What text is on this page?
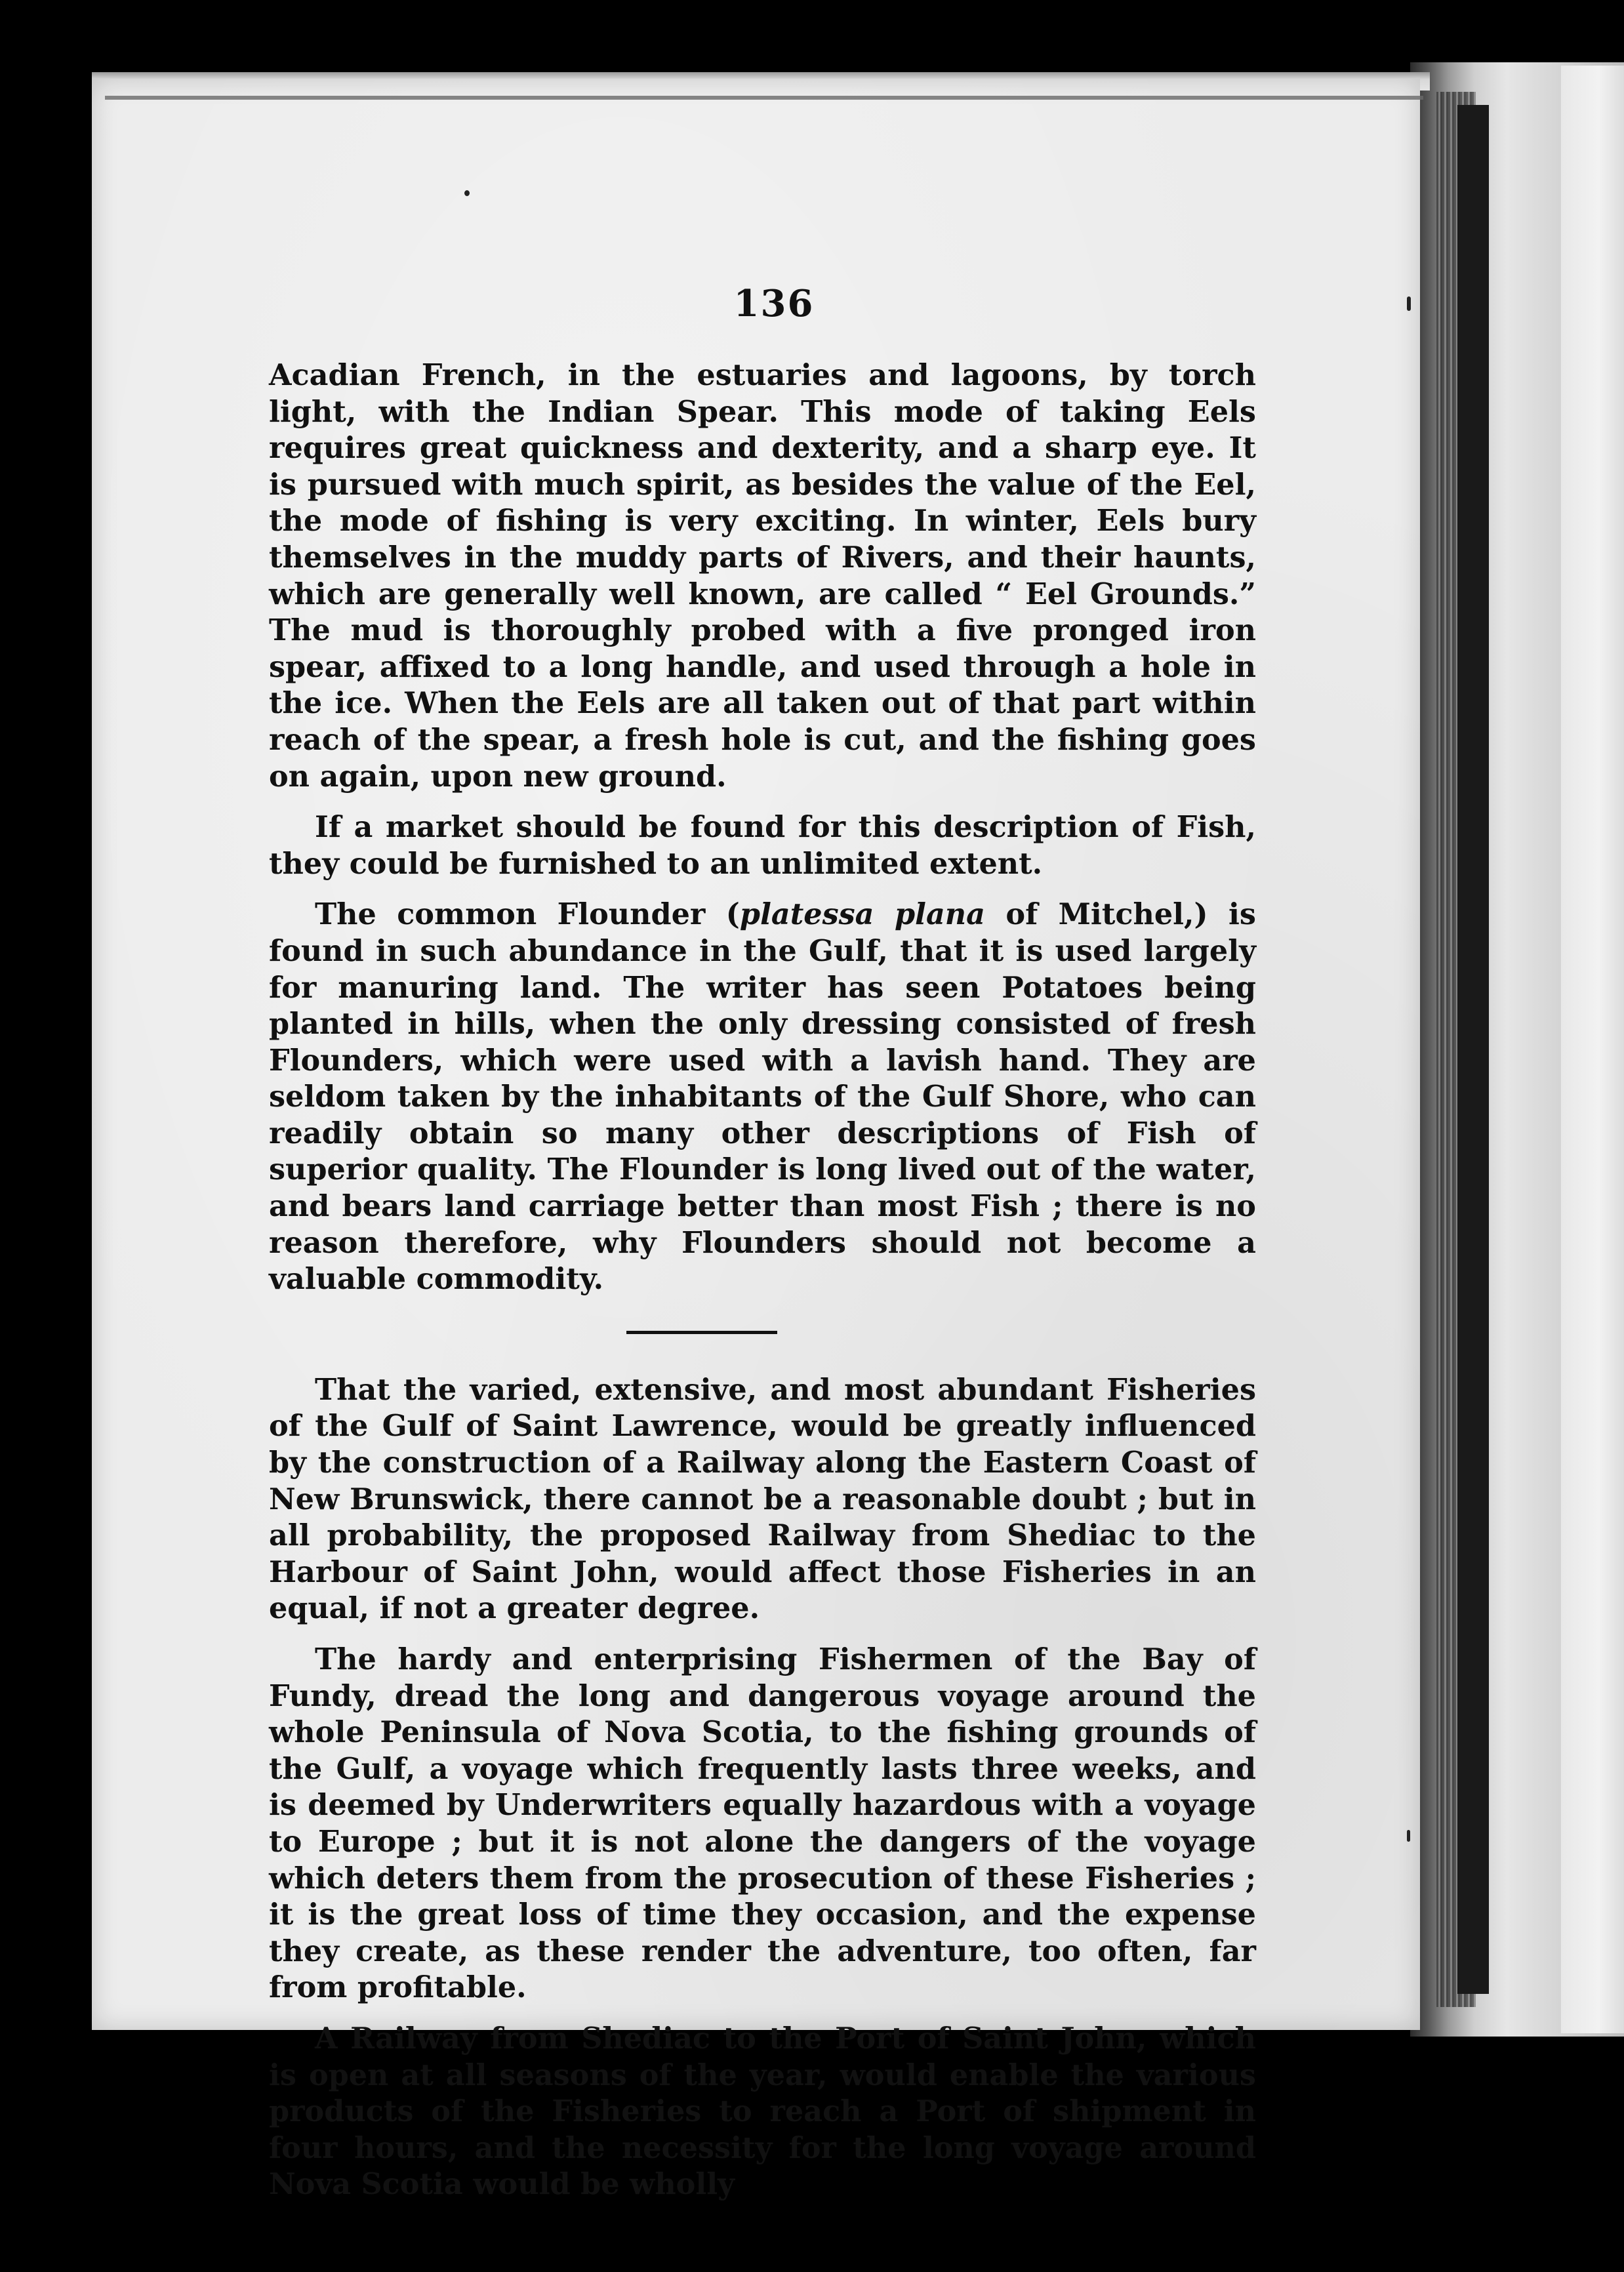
136

Acadian French, in the estuaries and lagoons, by torch light, with the Indian Spear. This mode of taking Eels requires great quickness and dexterity, and a sharp eye. It is pursued with much spirit, as besides the value of the Eel, the mode of fishing is very exciting. In winter, Eels bury themselves in the muddy parts of Rivers, and their haunts, which are generally well known, are called “ Eel Grounds.” The mud is thoroughly probed with a five pronged iron spear, affixed to a long handle, and used through a hole in the ice. When the Eels are all taken out of that part within reach of the spear, a fresh hole is cut, and the fishing goes on again, upon new ground.

If a market should be found for this description of Fish, they could be furnished to an unlimited extent.

The common Flounder (platessa plana of Mitchel,) is found in such abundance in the Gulf, that it is used largely for manuring land. The writer has seen Potatoes being planted in hills, when the only dressing consisted of fresh Flounders, which were used with a lavish hand. They are seldom taken by the inhabitants of the Gulf Shore, who can readily obtain so many other descriptions of Fish of superior quality. The Flounder is long lived out of the water, and bears land carriage better than most Fish ; there is no reason therefore, why Flounders should not become a valuable commodity.

That the varied, extensive, and most abundant Fisheries of the Gulf of Saint Lawrence, would be greatly influenced by the construction of a Railway along the Eastern Coast of New Brunswick, there cannot be a reasonable doubt ; but in all probability, the proposed Railway from Shediac to the Harbour of Saint John, would affect those Fisheries in an equal, if not a greater degree.

The hardy and enterprising Fishermen of the Bay of Fundy, dread the long and dangerous voyage around the whole Peninsula of Nova Scotia, to the fishing grounds of the Gulf, a voyage which frequently lasts three weeks, and is deemed by Underwriters equally hazardous with a voyage to Europe ; but it is not alone the dangers of the voyage which deters them from the prosecution of these Fisheries ; it is the great loss of time they occasion, and the expense they create, as these render the adventure, too often, far from profitable.

A Railway from Shediac to the Port of Saint John, which is open at all seasons of the year, would enable the various products of the Fisheries to reach a Port of shipment in four hours, and the necessity for the long voyage around Nova Scotia would be wholly
